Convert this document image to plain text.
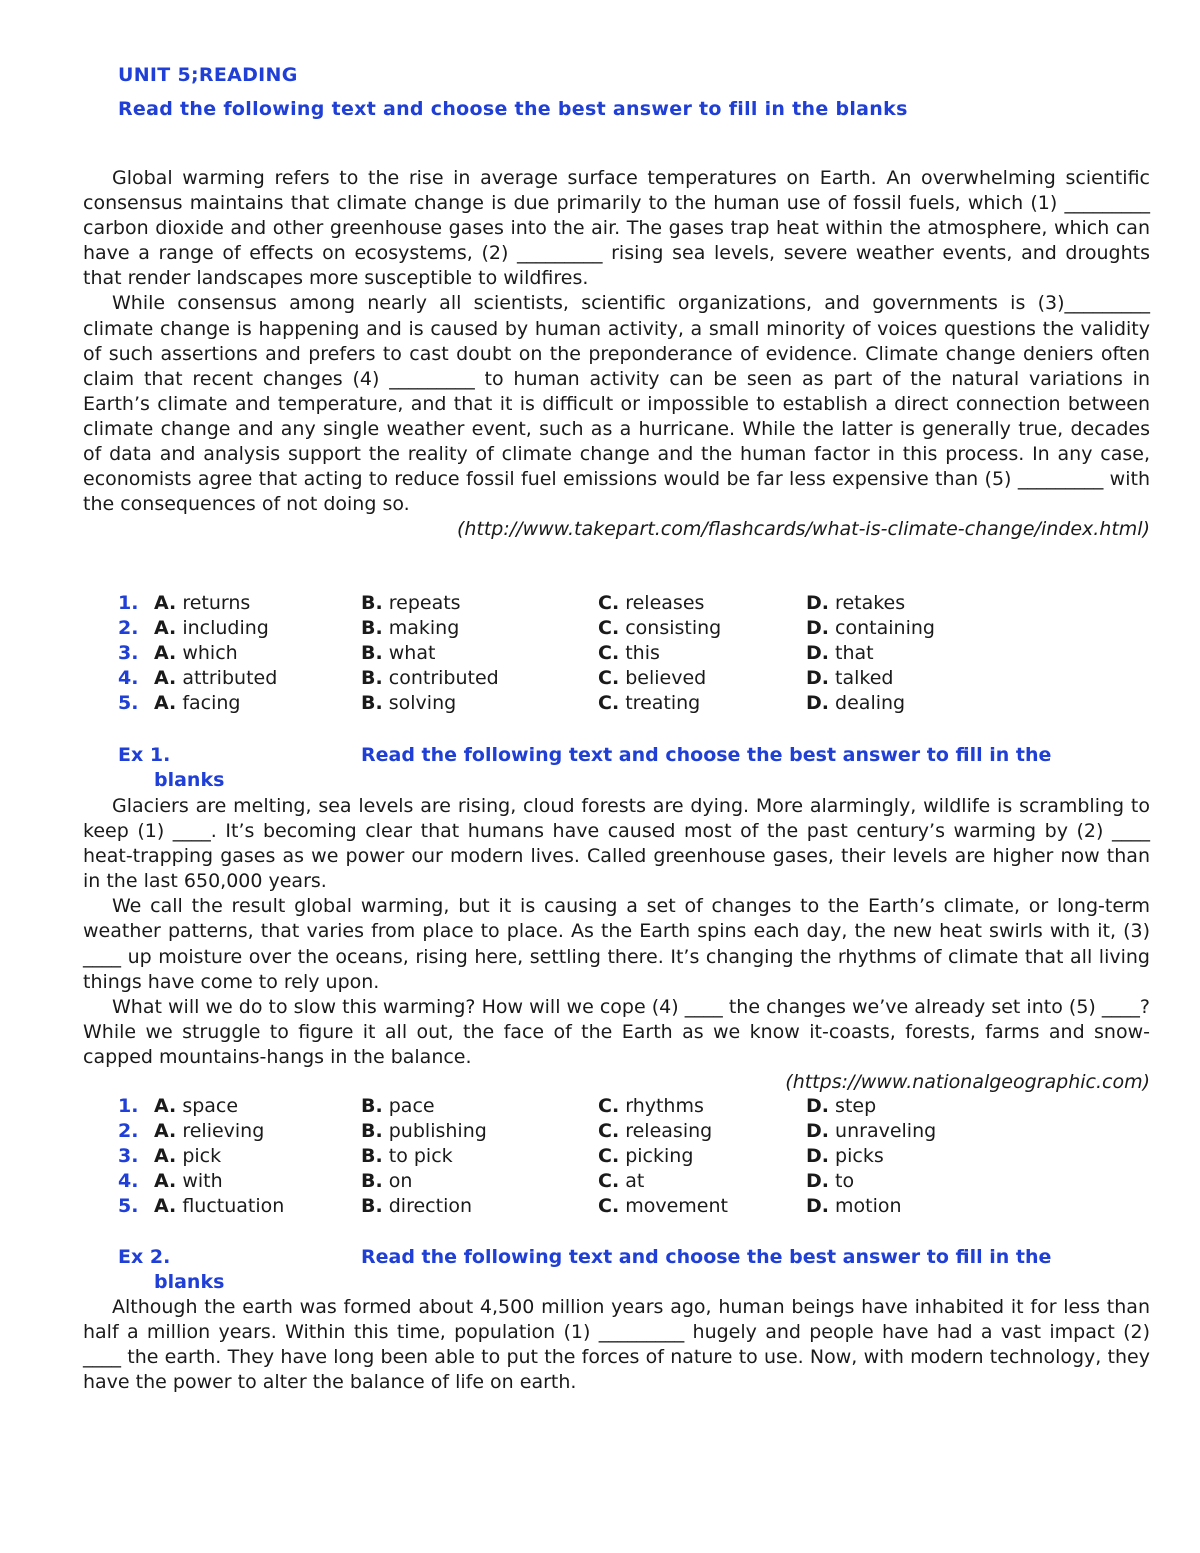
UNIT 5;READING
Read the following text and choose the best answer to fill in the blanks

Global warming refers to the rise in average surface temperatures on Earth. An overwhelming scientific consensus maintains that climate change is due primarily to the human use of fossil fuels, which (1) _________ carbon dioxide and other greenhouse gases into the air. The gases trap heat within the atmosphere, which can have a range of effects on ecosystems, (2) _________ rising sea levels, severe weather events, and droughts that render landscapes more susceptible to wildfires.

While consensus among nearly all scientists, scientific organizations, and governments is (3)_________ climate change is happening and is caused by human activity, a small minority of voices questions the validity of such assertions and prefers to cast doubt on the preponderance of evidence. Climate change deniers often claim that recent changes (4) _________ to human activity can be seen as part of the natural variations in Earth’s climate and temperature, and that it is difficult or impossible to establish a direct connection between climate change and any single weather event, such as a hurricane. While the latter is generally true, decades of data and analysis support the reality of climate change and the human factor in this process. In any case, economists agree that acting to reduce fossil fuel emissions would be far less expensive than (5) _________ with the consequences of not doing so.

(http://www.takepart.com/flashcards/what-is-climate-change/index.html)
1. A. returns	B. repeats	C. releases	D. retakes
2. A. including	B. making	C. consisting	D. containing
3. A. which	B. what	C. this	D. that
4. A. attributed	B. contributed	C. believed	D. talked
5. A. facing	B. solving	C. treating	D. dealing
Ex 1.	Read the following text and choose the best answer to fill in the
blanks

Glaciers are melting, sea levels are rising, cloud forests are dying. More alarmingly, wildlife is scrambling to keep (1) ____. It’s becoming clear that humans have caused most of the past century’s warming by (2) ____ heat-trapping gases as we power our modern lives. Called greenhouse gases, their levels are higher now than in the last 650,000 years.

We call the result global warming, but it is causing a set of changes to the Earth’s climate, or long-term weather patterns, that varies from place to place. As the Earth spins each day, the new heat swirls with it, (3) ____ up moisture over the oceans, rising here, settling there. It’s changing the rhythms of climate that all living things have come to rely upon.

What will we do to slow this warming? How will we cope (4) ____ the changes we’ve already set into (5) ____? While we struggle to figure it all out, the face of the Earth as we know it-coasts, forests, farms and snow-capped mountains-hangs in the balance.

(https://www.nationalgeographic.com)
1. A. space	B. pace	C. rhythms	D. step
2. A. relieving	B. publishing	C. releasing	D. unraveling
3. A. pick	B. to pick	C. picking	D. picks
4. A. with	B. on	C. at	D. to
5. A. fluctuation	B. direction	C. movement	D. motion
Ex 2.	Read the following text and choose the best answer to fill in the
blanks

Although the earth was formed about 4,500 million years ago, human beings have inhabited it for less than half a million years. Within this time, population (1) _________ hugely and people have had a vast impact (2) ____ the earth. They have long been able to put the forces of nature to use. Now, with modern technology, they have the power to alter the balance of life on earth.
